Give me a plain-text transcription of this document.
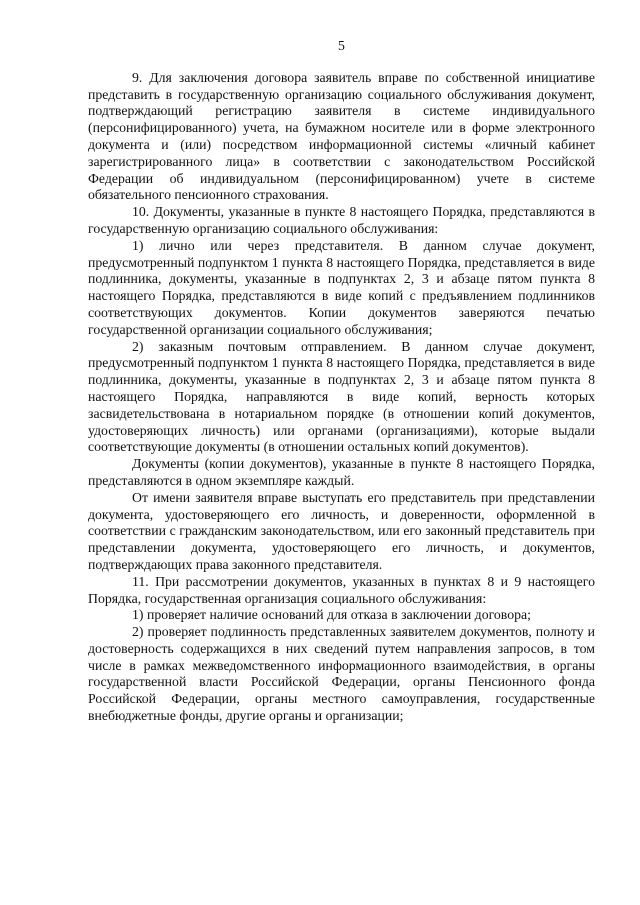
5

9. Для заключения договора заявитель вправе по собственной инициативе представить в государственную организацию социального обслуживания документ, подтверждающий регистрацию заявителя в системе индивидуального (персонифицированного) учета, на бумажном носителе или в форме электронного документа и (или) посредством информационной системы «личный кабинет зарегистрированного лица» в соответствии с законодательством Российской Федерации об индивидуальном (персонифицированном) учете в системе обязательного пенсионного страхования.

10. Документы, указанные в пункте 8 настоящего Порядка, представляются в государственную организацию социального обслуживания:

1) лично или через представителя. В данном случае документ, предусмотренный подпунктом 1 пункта 8 настоящего Порядка, представляется в виде подлинника, документы, указанные в подпунктах 2, 3 и абзаце пятом пункта 8 настоящего Порядка, представляются в виде копий с предъявлением подлинников соответствующих документов. Копии документов заверяются печатью государственной организации социального обслуживания;

2) заказным почтовым отправлением. В данном случае документ, предусмотренный подпунктом 1 пункта 8 настоящего Порядка, представляется в виде подлинника, документы, указанные в подпунктах 2, 3 и абзаце пятом пункта 8 настоящего Порядка, направляются в виде копий, верность которых засвидетельствована в нотариальном порядке (в отношении копий документов, удостоверяющих личность) или органами (организациями), которые выдали соответствующие документы (в отношении остальных копий документов).

Документы (копии документов), указанные в пункте 8 настоящего Порядка, представляются в одном экземпляре каждый.

От имени заявителя вправе выступать его представитель при представлении документа, удостоверяющего его личность, и доверенности, оформленной в соответствии с гражданским законодательством, или его законный представитель при представлении документа, удостоверяющего его личность, и документов, подтверждающих права законного представителя.

11. При рассмотрении документов, указанных в пунктах 8 и 9 настоящего Порядка, государственная организация социального обслуживания:

1) проверяет наличие оснований для отказа в заключении договора;

2) проверяет подлинность представленных заявителем документов, полноту и достоверность содержащихся в них сведений путем направления запросов, в том числе в рамках межведомственного информационного взаимодействия, в органы государственной власти Российской Федерации, органы Пенсионного фонда Российской Федерации, органы местного самоуправления, государственные внебюджетные фонды, другие органы и организации;
